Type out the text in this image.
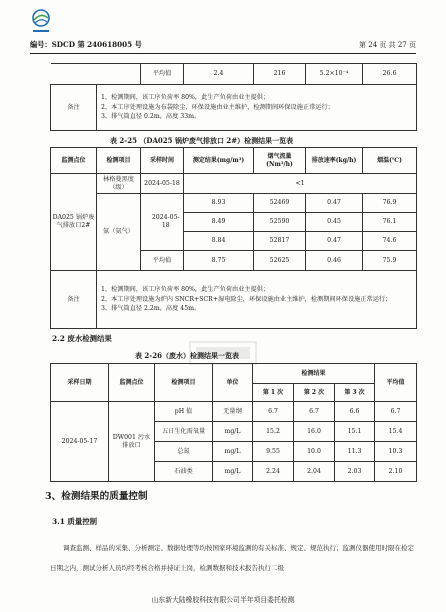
编号：SDCD 第 240618005 号	第 24 页 共 27 页
		平均值	2.4	216	5.2×10⁻⁴	26.6
备注	1、检测期间，该工序负荷率 80%，此生产负荷由业主提供；
2、本工序处理设施为布袋除尘，环保设施由业主维护，检测期间环保设施正常运行；
3、排气筒直径 0.2m，高度 33m。					
表 2-25 （DA025 锅炉废气排放口 2#）检测结果一览表
监测点位	检测项目	采样时间		测定结果(mg/m³)	烟气流量(Nm³/h)	排放速率(kg/h)	烟温(℃)
DA025 锅炉废气排放口2#	林格曼黑度（级）	2024-05-18		<1			
	氨（氨气）		2024-05-18	8.93	52469	0.47	76.9

8.49	52590	0.45	76.1

8.84	52817	0.47	74.6
		平均值		8.75	52625	0.46	75.9
备注	1、检测期间，该工序负荷率 80%，此生产负荷由业主提供；
2、本工序处理设施为炉内 SNCR+SCR+湿电除尘，环保设施由业主维护，检测期间环保设施正常运行；
3、排气筒直径 2.2m，高度 45m。						
2.2 废水检测结果
表 2-26（废水）检测结果一览表
采样日期	监测点位	检测项目	单位	检测结果			平均值
				第 1 次	第 2 次	第 3 次	
2024-05-17	DW001 污水排放口	pH 值	无量纲	6.7	6.7	6.6	6.7
		五日生化需氧量	mg/L	15.2	16.0	15.1	15.4
		总氮	mg/L	9.55	10.0	11.3	10.3
		石油类	mg/L	2.24	2.04	2.03	2.10
3、检测结果的质量控制
3.1 质量控制
调查监测、样品的采集、分析测定、数据处理等均按国家环境监测的有关标准、规定、规范执行；监测仪器使用时限在检定日期之内，测试分析人员均经考核合格并持证上岗，检测数据和技术报告执行二级
山东新大陆橡胶科技有限公司半年项目委托检测
